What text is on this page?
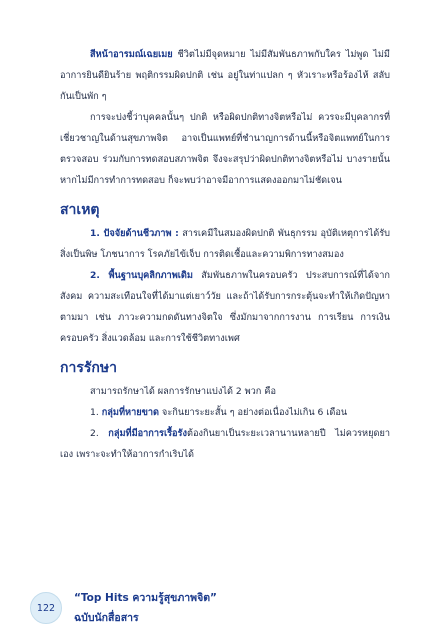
สีหน้าอารมณ์เฉยเมย ชีวิตไม่มีจุดหมาย ไม่มีสัมพันธภาพกับใคร ไม่พูด ไม่มีอาการยินดียินร้าย พฤติกรรมผิดปกติ เช่น อยู่ในท่าแปลก ๆ หัวเราะหรือร้องไห้ สลับกันเป็นพัก ๆ

การจะบ่งชี้ว่าบุคคลนั้นๆ ปกติ หรือผิดปกติทางจิตหรือไม่ ควรจะมีบุคลากรที่เชี่ยวชาญในด้านสุขภาพจิต อาจเป็นแพทย์ที่ชำนาญการด้านนี้หรือจิตแพทย์ในการตรวจสอบ ร่วมกับการทดสอบสภาพจิต จึงจะสรุปว่าผิดปกติทางจิตหรือไม่ บางรายนั้น หากไม่มีการทำการทดสอบ ก็จะพบว่าอาจมีอาการแสดงออกมาไม่ชัดเจน

สาเหตุ

1. ปัจจัยด้านชีวภาพ : สารเคมีในสมองผิดปกติ พันธุกรรม อุบัติเหตุการได้รับสิ่งเป็นพิษ โภชนาการ โรคภัยไข้เจ็บ การติดเชื้อและความพิการทางสมอง

2. พื้นฐานบุคลิกภาพเดิม สัมพันธภาพในครอบครัว ประสบการณ์ที่ได้จากสังคม ความสะเทือนใจที่ได้มาแต่เยาว์วัย และถ้าได้รับการกระตุ้นจะทำให้เกิดปัญหาตามมา เช่น ภาวะความกดดันทางจิตใจ ซึ่งมักมาจากการงาน การเรียน การเงิน ครอบครัว สิ่งแวดล้อม และการใช้ชีวิตทางเพศ

การรักษา

สามารถรักษาได้ ผลการรักษาแบ่งได้ 2 พวก คือ

1. กลุ่มที่หายขาด จะกินยาระยะสั้น ๆ อย่างต่อเนื่องไม่เกิน 6 เดือน

2. กลุ่มที่มีอาการเรื้อรังต้องกินยาเป็นระยะเวลานานหลายปี ไม่ควรหยุดยาเอง เพราะจะทำให้อาการกำเริบได้

122
“Top Hits ความรู้สุขภาพจิต”
ฉบับนักสื่อสาร
